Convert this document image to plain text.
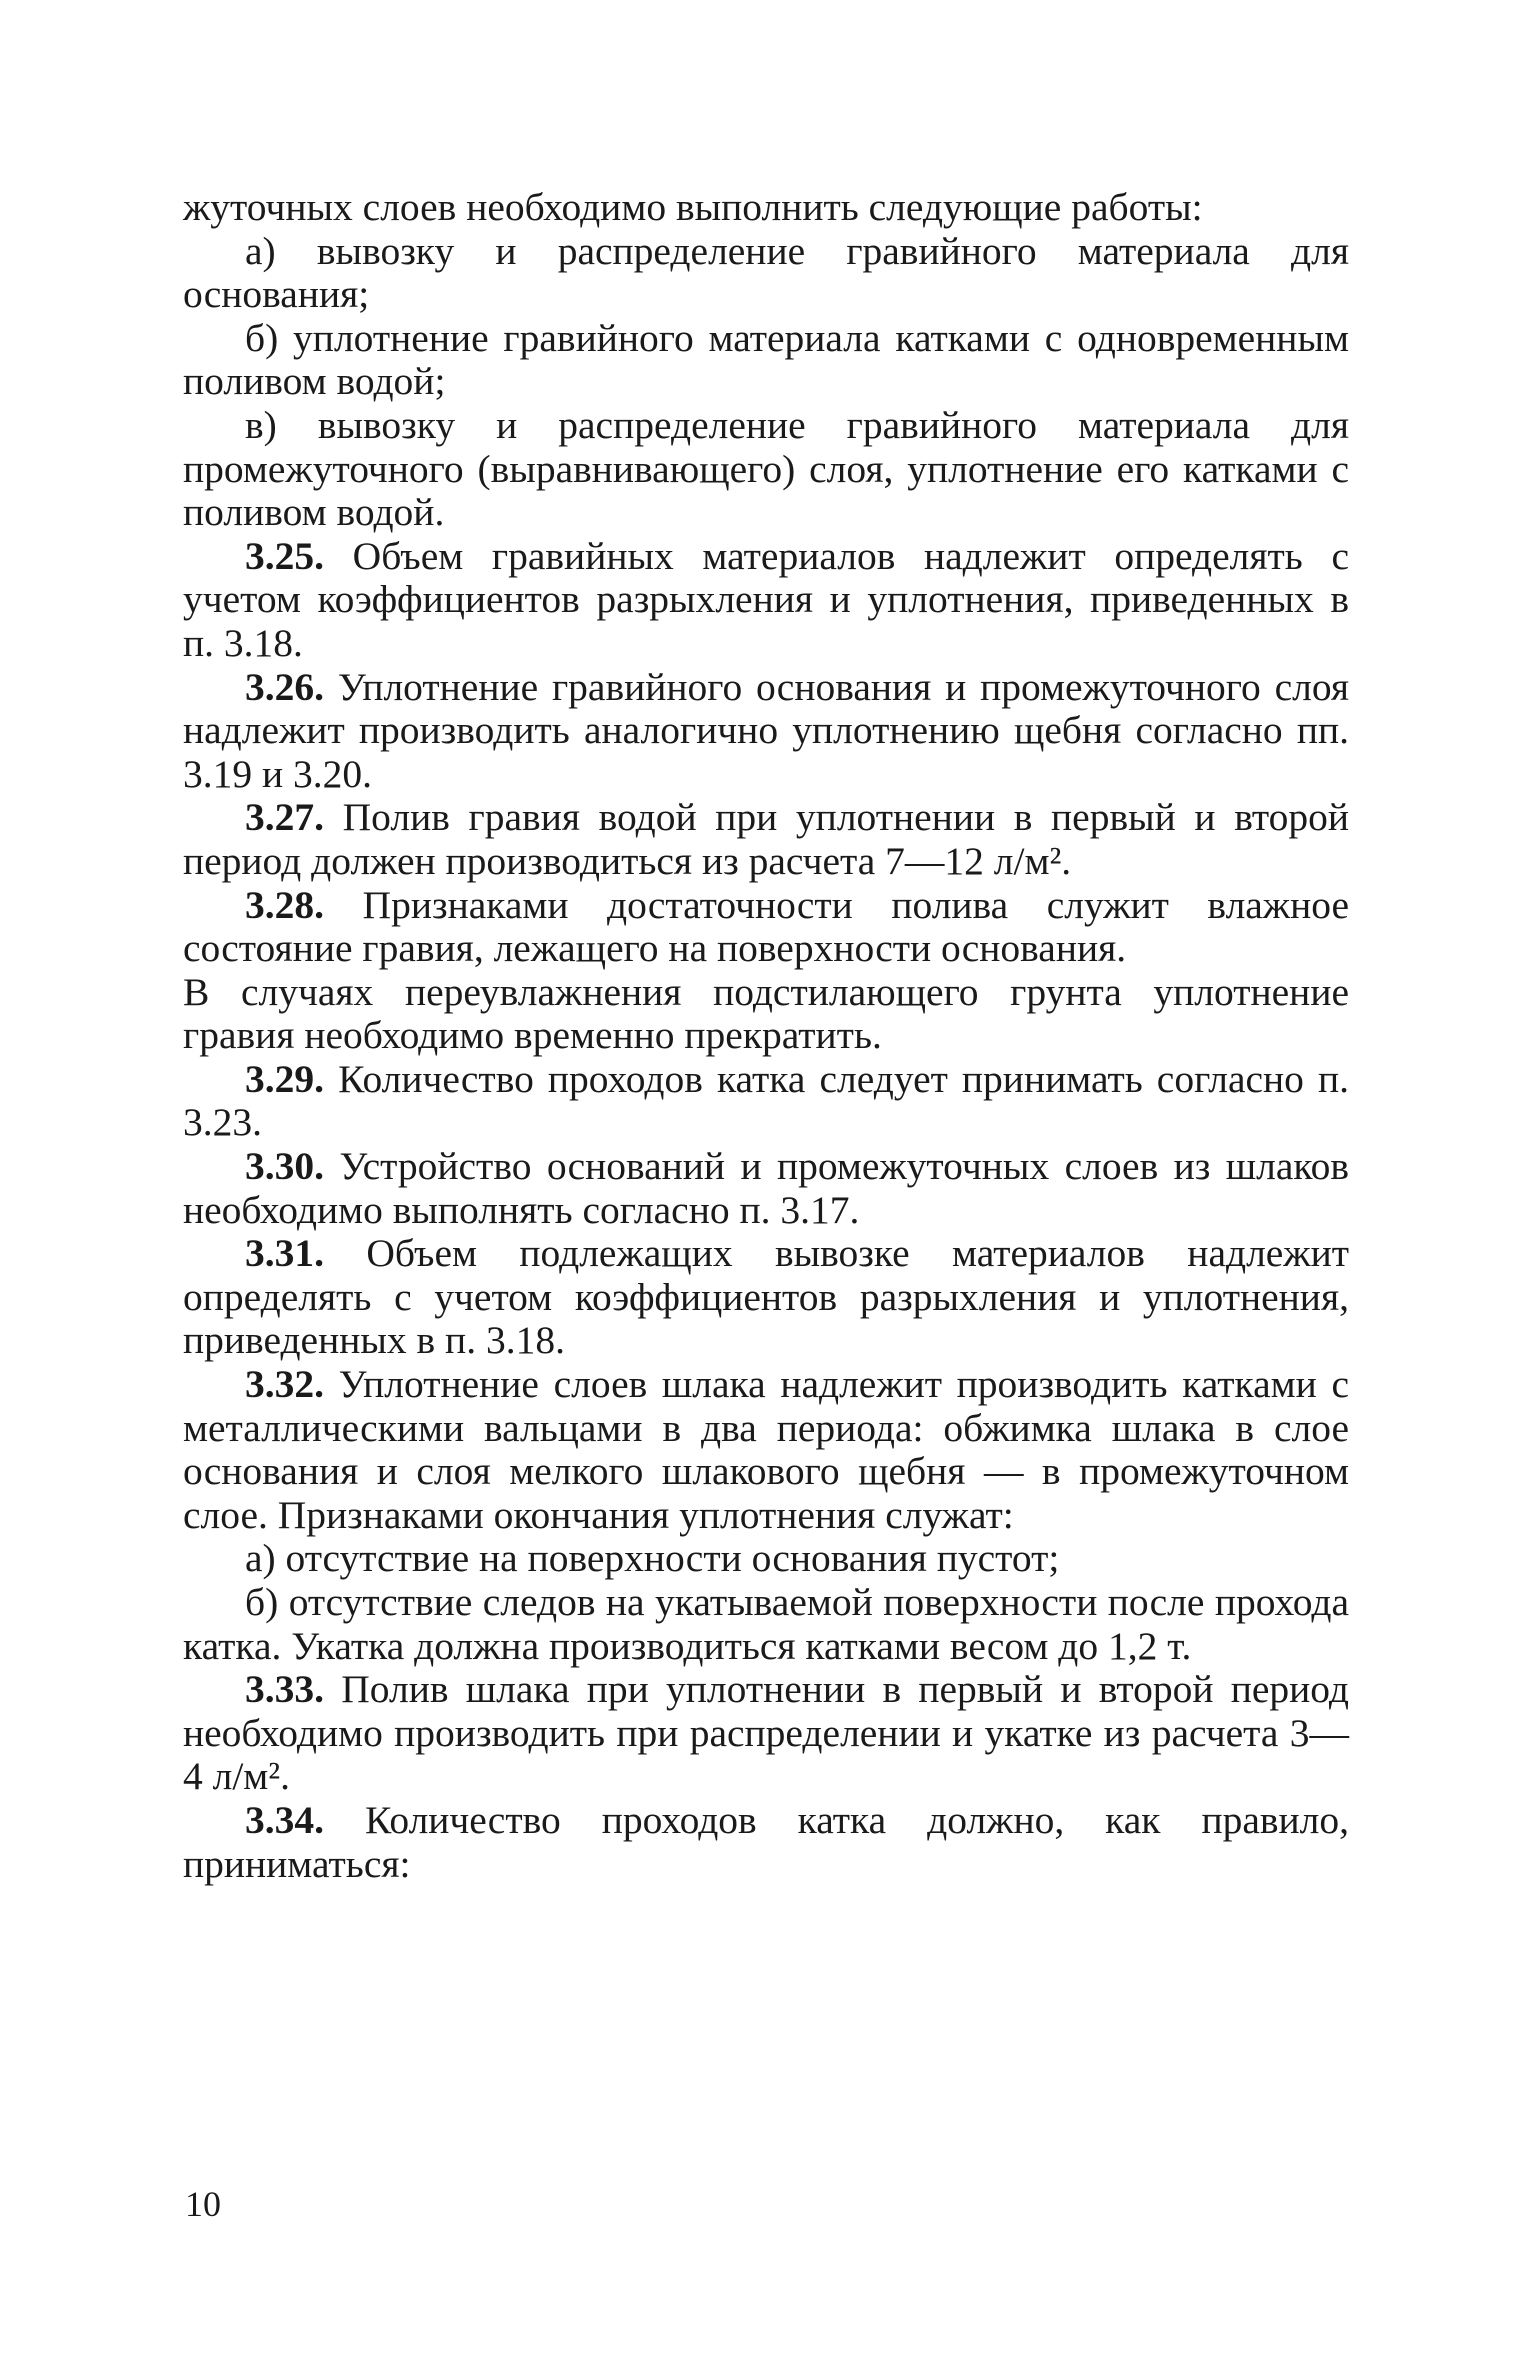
жуточных слоев необходимо выполнить следующие работы:

а) вывозку и распределение гравийного материала для основания;

б) уплотнение гравийного материала катками с одновременным поливом водой;

в) вывозку и распределение гравийного материала для промежуточного (выравнивающего) слоя, уплотнение его катками с поливом водой.

3.25. Объем гравийных материалов надлежит определять с учетом коэффициентов разрыхления и уплотнения, приведенных в п. 3.18.

3.26. Уплотнение гравийного основания и промежуточного слоя надлежит производить аналогично уплотнению щебня согласно пп. 3.19 и 3.20.

3.27. Полив гравия водой при уплотнении в первый и второй период должен производиться из расчета 7—12 л/м².

3.28. Признаками достаточности полива служит влажное состояние гравия, лежащего на поверхности основания.

В случаях переувлажнения подстилающего грунта уплотнение гравия необходимо временно прекратить.

3.29. Количество проходов катка следует принимать согласно п. 3.23.

3.30. Устройство оснований и промежуточных слоев из шлаков необходимо выполнять согласно п. 3.17.

3.31. Объем подлежащих вывозке материалов надлежит определять с учетом коэффициентов разрыхления и уплотнения, приведенных в п. 3.18.

3.32. Уплотнение слоев шлака надлежит производить катками с металлическими вальцами в два периода: обжимка шлака в слое основания и слоя мелкого шлакового щебня — в промежуточном слое. Признаками окончания уплотнения служат:

а) отсутствие на поверхности основания пустот;

б) отсутствие следов на укатываемой поверхности после прохода катка. Укатка должна производиться катками весом до 1,2 т.

3.33. Полив шлака при уплотнении в первый и второй период необходимо производить при распределении и укатке из расчета 3—4 л/м².

3.34. Количество проходов катка должно, как правило, приниматься:

10
